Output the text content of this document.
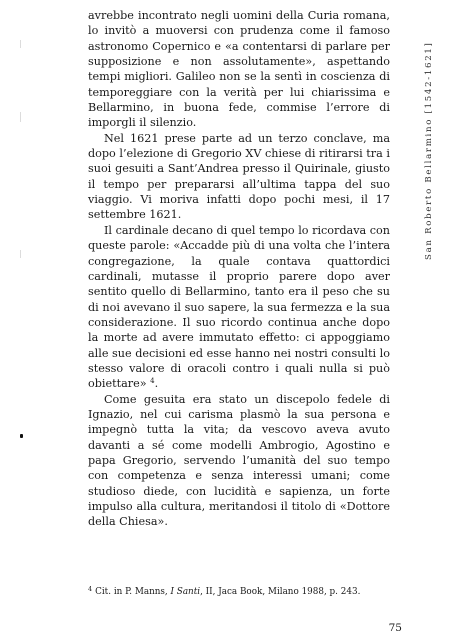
San Roberto Bellarmino [1542-1621]

avrebbe incontrato negli uomini della Curia romana, lo invitò a muoversi con prudenza come il famoso astronomo Copernico e «a contentarsi di parlare per supposizione e non assolutamente», aspettando tempi migliori. Galileo non se la sentì in coscienza di temporeggiare con la verità per lui chiarissima e Bellarmino, in buona fede, commise l’errore di imporgli il silenzio.

Nel 1621 prese parte ad un terzo conclave, ma dopo l’elezione di Gregorio XV chiese di ritirarsi tra i suoi gesuiti a Sant’Andrea presso il Quirinale, giusto il tempo per prepararsi all’ultima tappa del suo viaggio. Vi moriva infatti dopo pochi mesi, il 17 settembre 1621.

Il cardinale decano di quel tempo lo ricordava con queste parole: «Accadde più di una volta che l’intera congregazione, la quale contava quattordici cardinali, mutasse il proprio parere dopo aver sentito quello di Bellarmino, tanto era il peso che su di noi avevano il suo sapere, la sua fermezza e la sua considerazione. Il suo ricordo continua anche dopo la morte ad avere immutato effetto: ci appoggiamo alle sue decisioni ed esse hanno nei nostri consulti lo stesso valore di oracoli contro i quali nulla si può obiettare» $^4$.

Come gesuita era stato un discepolo fedele di Ignazio, nel cui carisma plasmò la sua persona e impegnò tutta la vita; da vescovo aveva avuto davanti a sé come modelli Ambrogio, Agostino e papa Gregorio, servendo l’umanità del suo tempo con competenza e senza interessi umani; come studioso diede, con lucidità e sapienza, un forte impulso alla cultura, meritandosi il titolo di «Dottore della Chiesa».

$^4$ Cit. in P. Manns, I Santi, II, Jaca Book, Milano 1988, p. 243.
75
